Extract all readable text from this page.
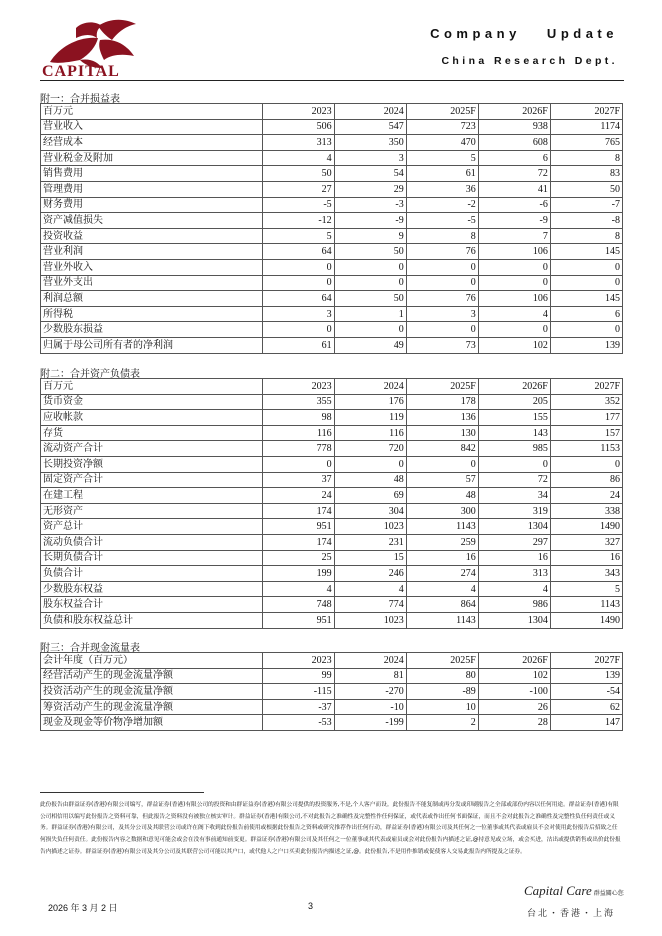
CAPITAL
Company Update
China Research Dept.
附一：合并损益表
百万元	2023	2024	2025F	2026F	2027F
营业收入	506	547	723	938	1174
经营成本	313	350	470	608	765
营业税金及附加	4	3	5	6	8
销售费用	50	54	61	72	83
管理费用	27	29	36	41	50
财务费用	-5	-3	-2	-6	-7
资产减值损失	-12	-9	-5	-9	-8
投资收益	5	9	8	7	8
营业利润	64	50	76	106	145
营业外收入	0	0	0	0	0
营业外支出	0	0	0	0	0
利润总额	64	50	76	106	145
所得税	3	1	3	4	6
少数股东损益	0	0	0	0	0
归属于母公司所有者的净利润	61	49	73	102	139
附二：合并资产负债表
百万元	2023	2024	2025F	2026F	2027F
货币资金	355	176	178	205	352
应收帐款	98	119	136	155	177
存货	116	116	130	143	157
流动资产合计	778	720	842	985	1153
长期投资净额	0	0	0	0	0
固定资产合计	37	48	57	72	86
在建工程	24	69	48	34	24
无形资产	174	304	300	319	338
资产总计	951	1023	1143	1304	1490
流动负债合计	174	231	259	297	327
长期负债合计	25	15	16	16	16
负债合计	199	246	274	313	343
少数股东权益	4	4	4	4	5
股东权益合计	748	774	864	986	1143
负债和股东权益总计	951	1023	1143	1304	1490
附三：合并现金流量表
会计年度（百万元）	2023	2024	2025F	2026F	2027F
经营活动产生的现金流量净额	99	81	80	102	139
投资活动产生的现金流量净额	-115	-270	-89	-100	-54
筹资活动产生的现金流量净额	-37	-10	10	26	62
现金及现金等价物净增加额	-53	-199	2	28	147
此份报告由群益证券(香港)有限公司编写，群益证券(香港)有限公司的投资和由群证益券(香港)有限公司提供的投资服务,不是,个人客户而设。此份报告不能复制或再分发或印刷报告之全部或部份内容以任何用途。群益证券(香港)有限公司相信用以编写此份报告之资料可靠，但此报告之资料没有被独立核实审计。群益证券(香港)有限公司,不对此报告之准确性及完整性作任何保证，或代表或作出任何书面保证，而且不会对此报告之准确性及完整性负任何责任或义务。群益证券(香港)有限公司，及其分公司及其联营公司或许在阁下收到此份报告前使用或根据此份报告之资料或研究推荐作出任何行动，群益证券(香港)有限公司及其任何之一位董事或其代表或雇员不会对使用此份报告后招致之任何损失负任何责任。此份报告内容之数据和意见可能会或会在没有事前通知前变更。群益证券(香港)有限公司及其任何之一位董事或其代表或雇员或会对此份报告内描述之证,@持意见或立场，或会买进，沽出或提供销售或出价此份报告内描述之证券。群益证券(香港)有限公司及其分公司及其联营公司可能以其户口，或代他人之户口买卖此份报告内描述之证,@。此份报告,不是用作推销或促使客人交易此报告内所提及之证券。
2026 年 3 月 2 日	3
Capital Care 群益關心您
台北・香港・上海
